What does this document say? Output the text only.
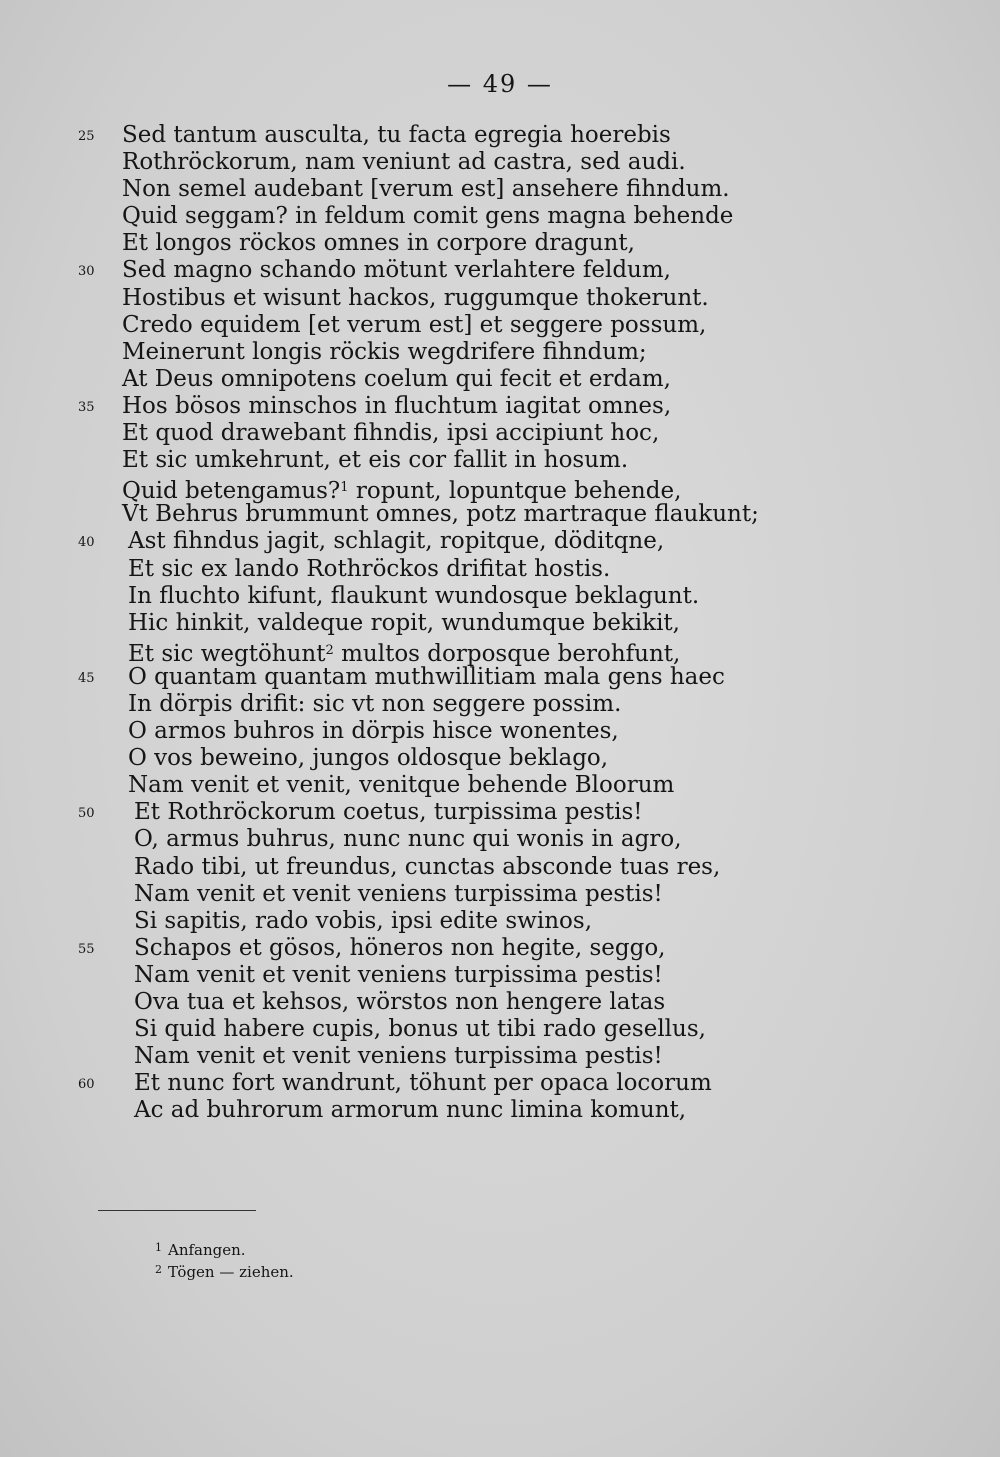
— 49 —
25 Sed tantum ausculta, tu facta egregia hoerebis
Rothröckorum, nam veniunt ad castra, sed audi.
Non semel audebant [verum est] ansehere fihndum.
Quid seggam? in feldum comit gens magna behende
Et longos röckos omnes in corpore dragunt,
30 Sed magno schando mötunt verlahtere feldum,
Hostibus et wisunt hackos, ruggumque thokerunt.
Credo equidem [et verum est] et seggere possum,
Meinerunt longis röckis wegdrifere fihndum;
At Deus omnipotens coelum qui fecit et erdam,
35 Hos bösos minschos in fluchtum iagitat omnes,
Et quod drawebant fihndis, ipsi accipiunt hoc,
Et sic umkehrunt, et eis cor fallit in hosum.
Quid betengamus?$^1$ ropunt, lopuntque behende,
Vt Behrus brummunt omnes, potz martraque flaukunt;
40 Ast fihndus jagit, schlagit, ropitque, döditqne,
Et sic ex lando Rothröckos drifitat hostis.
In fluchto kifunt, flaukunt wundosque beklagunt.
Hic hinkit, valdeque ropit, wundumque bekikit,
Et sic wegtöhunt$^2$ multos dorposque berohfunt,
45 O quantam quantam muthwillitiam mala gens haec
In dörpis drifit: sic vt non seggere possim.
O armos buhros in dörpis hisce wonentes,
O vos beweino, jungos oldosque beklago,
Nam venit et venit, venitque behende Bloorum
50 Et Rothröckorum coetus, turpissima pestis!
O, armus buhrus, nunc nunc qui wonis in agro,
Rado tibi, ut freundus, cunctas absconde tuas res,
Nam venit et venit veniens turpissima pestis!
Si sapitis, rado vobis, ipsi edite swinos,
55 Schapos et gösos, höneros non hegite, seggo,
Nam venit et venit veniens turpissima pestis!
Ova tua et kehsos, wörstos non hengere latas
Si quid habere cupis, bonus ut tibi rado gesellus,
Nam venit et venit veniens turpissima pestis!
60 Et nunc fort wandrunt, töhunt per opaca locorum
Ac ad buhrorum armorum nunc limina komunt,
$^1$ Anfangen.
$^2$ Tögen — ziehen.
